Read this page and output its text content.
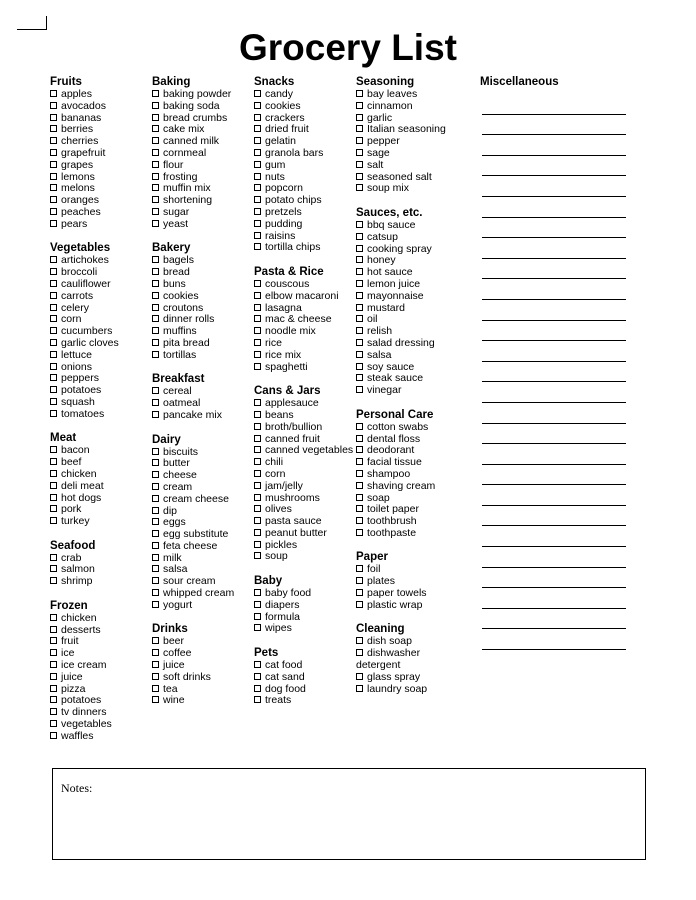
Grocery List
Fruits
apples
avocados
bananas
berries
cherries
grapefruit
grapes
lemons
melons
oranges
peaches
pears
Vegetables
artichokes
broccoli
cauliflower
carrots
celery
corn
cucumbers
garlic cloves
lettuce
onions
peppers
potatoes
squash
tomatoes
Meat
bacon
beef
chicken
deli meat
hot dogs
pork
turkey
Seafood
crab
salmon
shrimp
Frozen
chicken
desserts
fruit
ice
ice cream
juice
pizza
potatoes
tv dinners
vegetables
waffles
Baking
baking powder
baking soda
bread crumbs
cake mix
canned milk
cornmeal
flour
frosting
muffin mix
shortening
sugar
yeast
Bakery
bagels
bread
buns
cookies
croutons
dinner rolls
muffins
pita bread
tortillas
Breakfast
cereal
oatmeal
pancake mix
Dairy
biscuits
butter
cheese
cream
cream cheese
dip
eggs
egg substitute
feta cheese
milk
salsa
sour cream
whipped cream
yogurt
Drinks
beer
coffee
juice
soft drinks
tea
wine
Snacks
candy
cookies
crackers
dried fruit
gelatin
granola bars
gum
nuts
popcorn
potato chips
pretzels
pudding
raisins
tortilla chips
Pasta & Rice
couscous
elbow macaroni
lasagna
mac & cheese
noodle mix
rice
rice mix
spaghetti
Cans & Jars
applesauce
beans
broth/bullion
canned fruit
canned vegetables
chili
corn
jam/jelly
mushrooms
olives
pasta sauce
peanut butter
pickles
soup
Baby
baby food
diapers
formula
wipes
Pets
cat food
cat sand
dog food
treats
Seasoning
bay leaves
cinnamon
garlic
Italian seasoning
pepper
sage
salt
seasoned salt
soup mix
Sauces, etc.
bbq sauce
catsup
cooking spray
honey
hot sauce
lemon juice
mayonnaise
mustard
oil
relish
salad dressing
salsa
soy sauce
steak sauce
vinegar
Personal Care
cotton swabs
dental floss
deodorant
facial tissue
shampoo
shaving cream
soap
toilet paper
toothbrush
toothpaste
Paper
foil
plates
paper towels
plastic wrap
Cleaning
dish soap
dishwasher detergent
glass spray
laundry soap
Miscellaneous
Notes:
